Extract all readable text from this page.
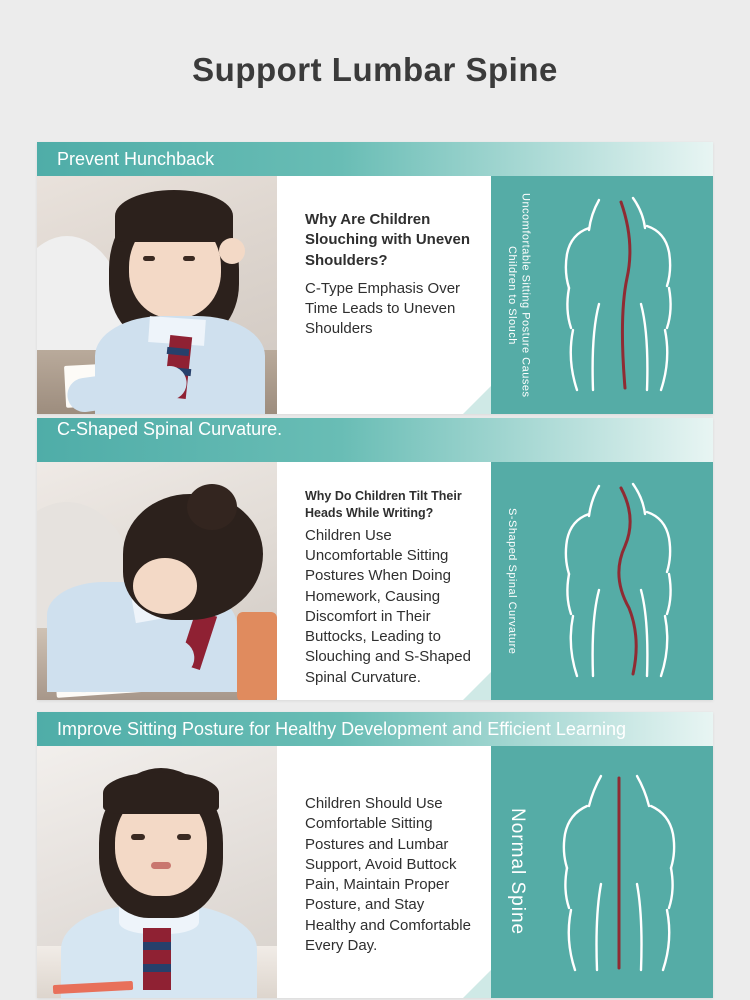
Support Lumbar Spine
Prevent Hunchback

Why Are Children Slouching with Uneven Shoulders?

C-Type Emphasis Over Time Leads to Uneven Shoulders	Uncomfortable Sitting Posture Causes Children to Slouch
C-Shaped Spinal Curvature.

Why Do Children Tilt Their Heads While Writing?

Children Use Uncomfortable Sitting Postures When Doing Homework, Causing Discomfort in Their Buttocks, Leading to Slouching and S-Shaped Spinal Curvature.

S-Shaped Spinal Curvature
Improve Sitting Posture for Healthy Development and Efficient Learning

Children Should Use Comfortable Sitting Postures and Lumbar Support, Avoid Buttock Pain, Maintain Proper Posture, and Stay Healthy and Comfortable Every Day.

Normal Spine
